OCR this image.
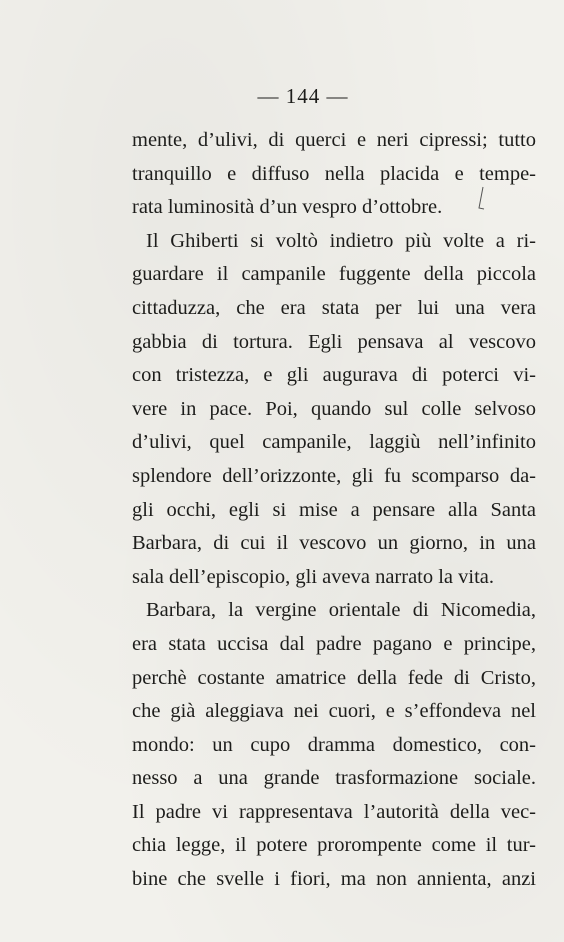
— 144 —
mente, d’ulivi, di querci e neri cipressi; tutto
tranquillo e diffuso nella placida e tempe-
rata luminosità d’un vespro d’ottobre.
Il Ghiberti si voltò indietro più volte a ri-
guardare il campanile fuggente della piccola
cittaduzza, che era stata per lui una vera
gabbia di tortura. Egli pensava al vescovo
con tristezza, e gli augurava di poterci vi-
vere in pace. Poi, quando sul colle selvoso
d’ulivi, quel campanile, laggiù nell’infinito
splendore dell’orizzonte, gli fu scomparso da-
gli occhi, egli si mise a pensare alla Santa
Barbara, di cui il vescovo un giorno, in una
sala dell’episcopio, gli aveva narrato la vita.
Barbara, la vergine orientale di Nicomedia,
era stata uccisa dal padre pagano e principe,
perchè costante amatrice della fede di Cristo,
che già aleggiava nei cuori, e s’effondeva nel
mondo: un cupo dramma domestico, con-
nesso a una grande trasformazione sociale.
Il padre vi rappresentava l’autorità della vec-
chia legge, il potere prorompente come il tur-
bine che svelle i fiori, ma non annienta, anzi
